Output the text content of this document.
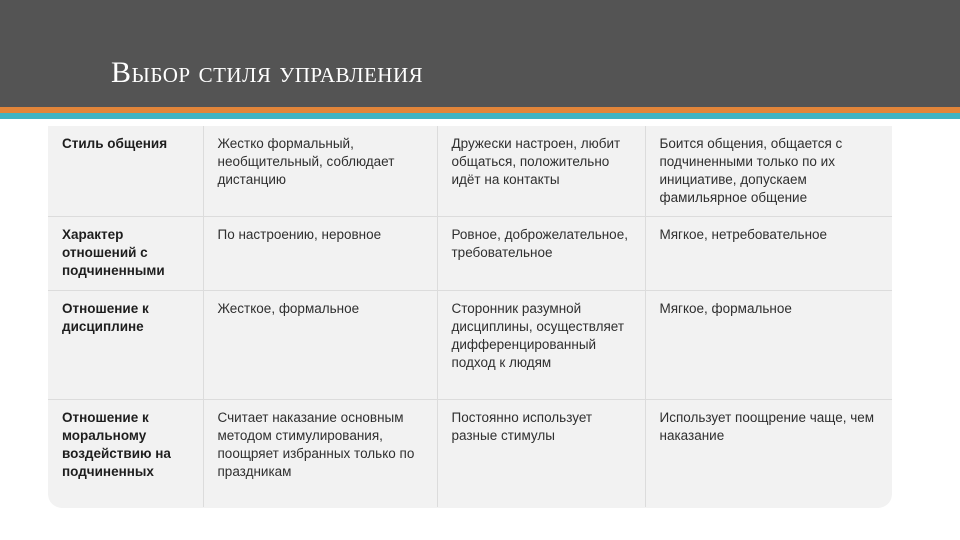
Выбор стиля управления
Стиль общения	Жестко формальный, необщительный, соблюдает дистанцию	Дружески настроен, любит общаться, положительно идёт на контакты	Боится общения, общается с подчиненными только по их инициативе, допускаем фамильярное общение
Характер отношений с подчиненными	По настроению, неровное	Ровное, доброжелательное, требовательное	Мягкое, нетребовательное
Отношение к дисциплине	Жесткое, формальное	Сторонник разумной дисциплины, осуществляет дифференцированный подход к людям	Мягкое, формальное
Отношение к моральному воздействию на подчиненных	Считает наказание основным методом стимулирования, поощряет избранных только по праздникам	Постоянно использует разные стимулы	Использует поощрение чаще, чем наказание
